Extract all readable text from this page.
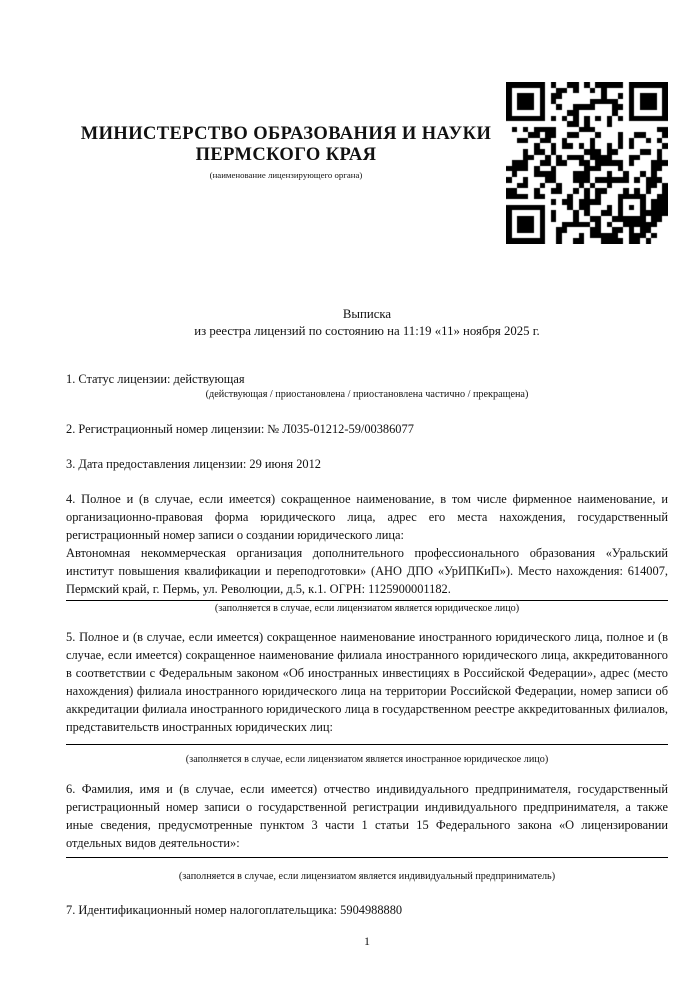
МИНИСТЕРСТВО ОБРАЗОВАНИЯ И НАУКИ
ПЕРМСКОГО КРАЯ
(наименование лицензирующего органа)
Выписка
из реестра лицензий по состоянию на 11:19 «11» ноября 2025 г.

1. Статус лицензии: действующая

(действующая / приостановлена / приостановлена частично / прекращена)

2. Регистрационный номер лицензии: № Л035-01212-59/00386077

3. Дата предоставления лицензии: 29 июня 2012

4. Полное и (в случае, если имеется) сокращенное наименование, в том числе фирменное наименование, и организационно-правовая форма юридического лица, адрес его места нахождения, государственный регистрационный номер записи о создании юридического лица:

Автономная некоммерческая организация дополнительного профессионального образования «Уральский институт повышения квалификации и переподготовки» (АНО ДПО «УрИПКиП»). Место нахождения: 614007, Пермский край, г. Пермь, ул. Революции, д.5, к.1. ОГРН: 1125900001182.

(заполняется в случае, если лицензиатом является юридическое лицо)

5. Полное и (в случае, если имеется) сокращенное наименование иностранного юридического лица, полное и (в случае, если имеется) сокращенное наименование филиала иностранного юридического лица, аккредитованного в соответствии с Федеральным законом «Об иностранных инвестициях в Российской Федерации», адрес (место нахождения) филиала иностранного юридического лица на территории Российской Федерации, номер записи об аккредитации филиала иностранного юридического лица в государственном реестре аккредитованных филиалов, представительств иностранных юридических лиц:

(заполняется в случае, если лицензиатом является иностранное юридическое лицо)

6. Фамилия, имя и (в случае, если имеется) отчество индивидуального предпринимателя, государственный регистрационный номер записи о государственной регистрации индивидуального предпринимателя, а также иные сведения, предусмотренные пунктом 3 части 1 статьи 15 Федерального закона «О лицензировании отдельных видов деятельности»:

(заполняется в случае, если лицензиатом является индивидуальный предприниматель)

7. Идентификационный номер налогоплательщика: 5904988880

1
